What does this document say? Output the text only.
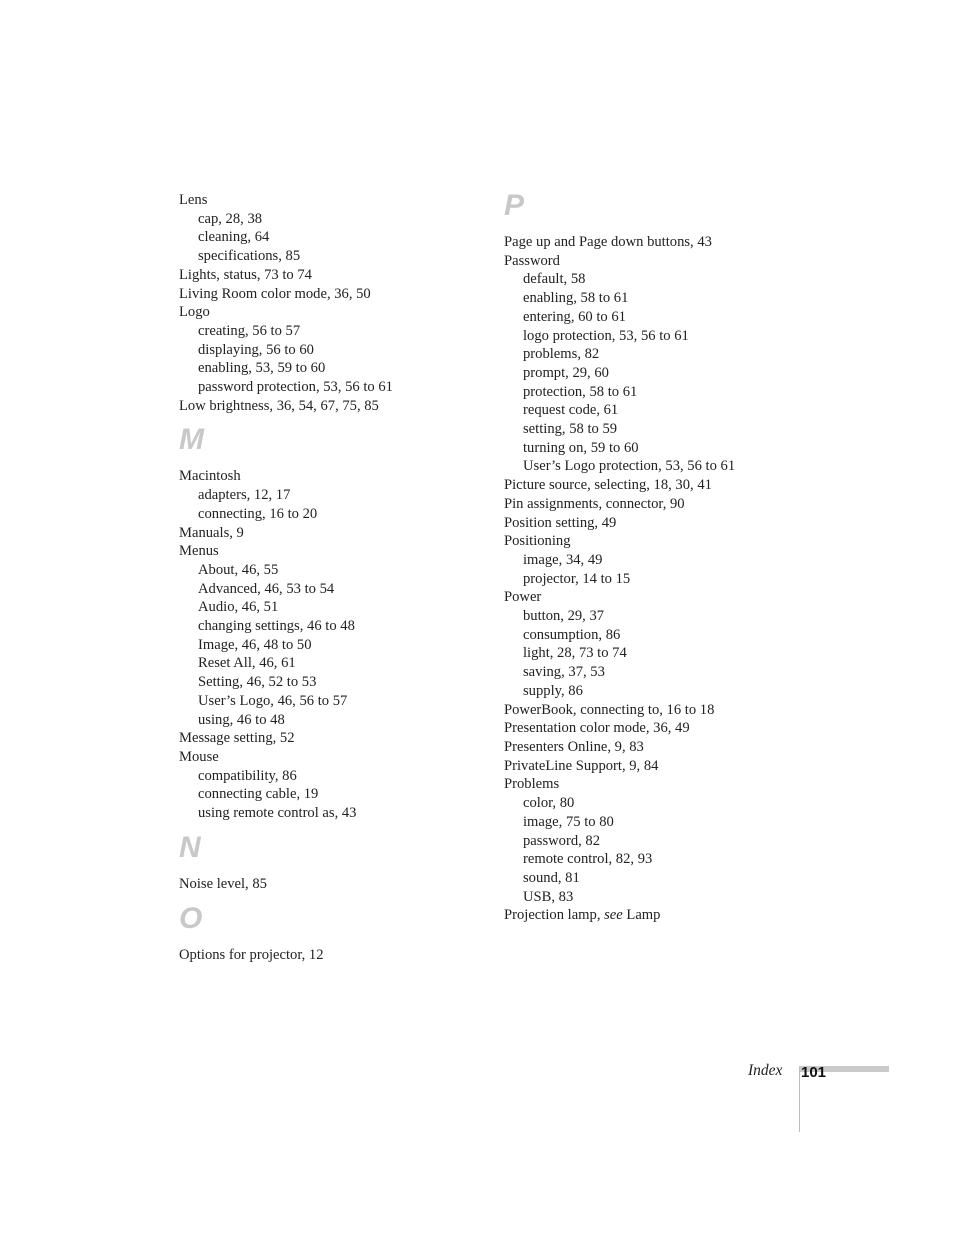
Lens
cap, 28, 38
cleaning, 64
specifications, 85
Lights, status, 73 to 74
Living Room color mode, 36, 50
Logo
creating, 56 to 57
displaying, 56 to 60
enabling, 53, 59 to 60
password protection, 53, 56 to 61
Low brightness, 36, 54, 67, 75, 85
M
Macintosh
adapters, 12, 17
connecting, 16 to 20
Manuals, 9
Menus
About, 46, 55
Advanced, 46, 53 to 54
Audio, 46, 51
changing settings, 46 to 48
Image, 46, 48 to 50
Reset All, 46, 61
Setting, 46, 52 to 53
User’s Logo, 46, 56 to 57
using, 46 to 48
Message setting, 52
Mouse
compatibility, 86
connecting cable, 19
using remote control as, 43
N
Noise level, 85
O
Options for projector, 12
P
Page up and Page down buttons, 43
Password
default, 58
enabling, 58 to 61
entering, 60 to 61
logo protection, 53, 56 to 61
problems, 82
prompt, 29, 60
protection, 58 to 61
request code, 61
setting, 58 to 59
turning on, 59 to 60
User’s Logo protection, 53, 56 to 61
Picture source, selecting, 18, 30, 41
Pin assignments, connector, 90
Position setting, 49
Positioning
image, 34, 49
projector, 14 to 15
Power
button, 29, 37
consumption, 86
light, 28, 73 to 74
saving, 37, 53
supply, 86
PowerBook, connecting to, 16 to 18
Presentation color mode, 36, 49
Presenters Online, 9, 83
PrivateLine Support, 9, 84
Problems
color, 80
image, 75 to 80
password, 82
remote control, 82, 93
sound, 81
USB, 83
Projection lamp, see Lamp
Index 101
